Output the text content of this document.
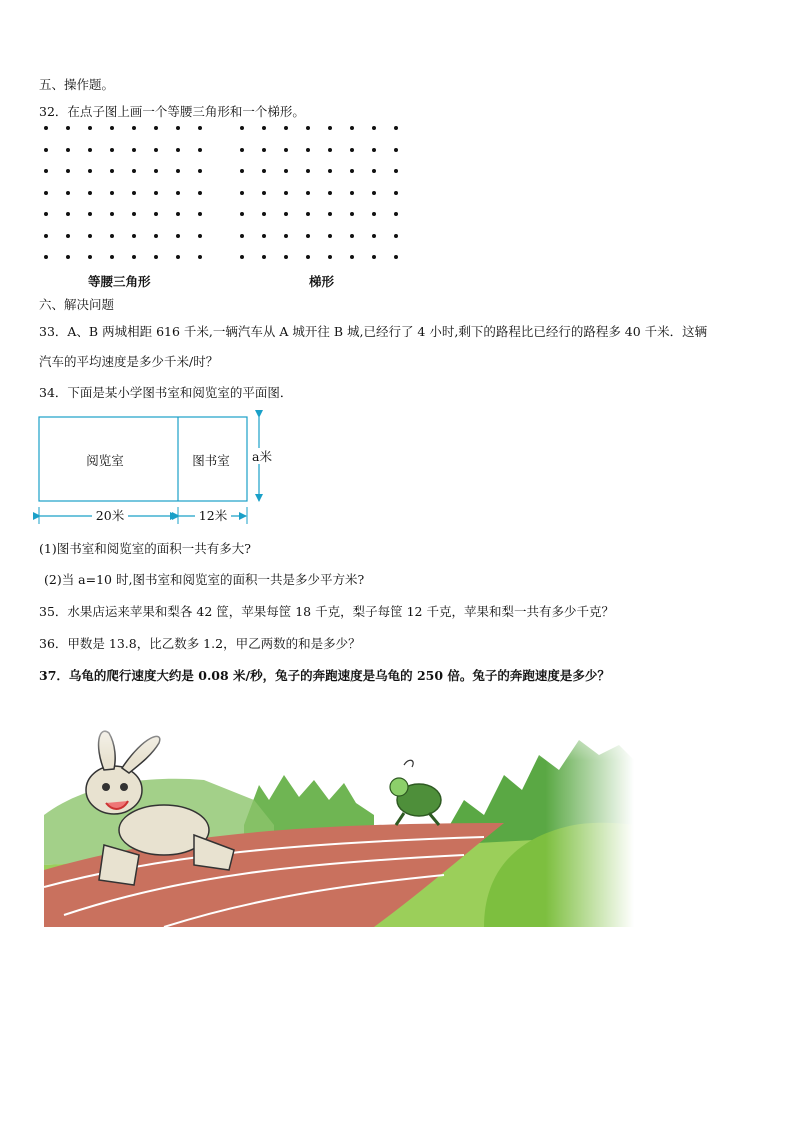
五、操作题。
32．在点子图上画一个等腰三角形和一个梯形。
等腰三角形	梯形
六、解决问题
33．A、B 两城相距 616 千米,一辆汽车从 A 城开往 B 城,已经行了 4 小时,剩下的路程比已经行的路程多 40 千米．这辆
汽车的平均速度是多少千米/时？
34．下面是某小学图书室和阅览室的平面图．
阅览室	图书室 a米
20米	12米
(1)图书室和阅览室的面积一共有多大?
(2)当 a=10 时,图书室和阅览室的面积一共是多少平方米?
35．水果店运来苹果和梨各 42 筐，苹果每筐 18 千克，梨子每筐 12 千克，苹果和梨一共有多少千克？
36．甲数是 13.8，比乙数多 1.2，甲乙两数的和是多少？
37．乌龟的爬行速度大约是 0.08 米/秒，兔子的奔跑速度是乌龟的 250 倍。兔子的奔跑速度是多少？
